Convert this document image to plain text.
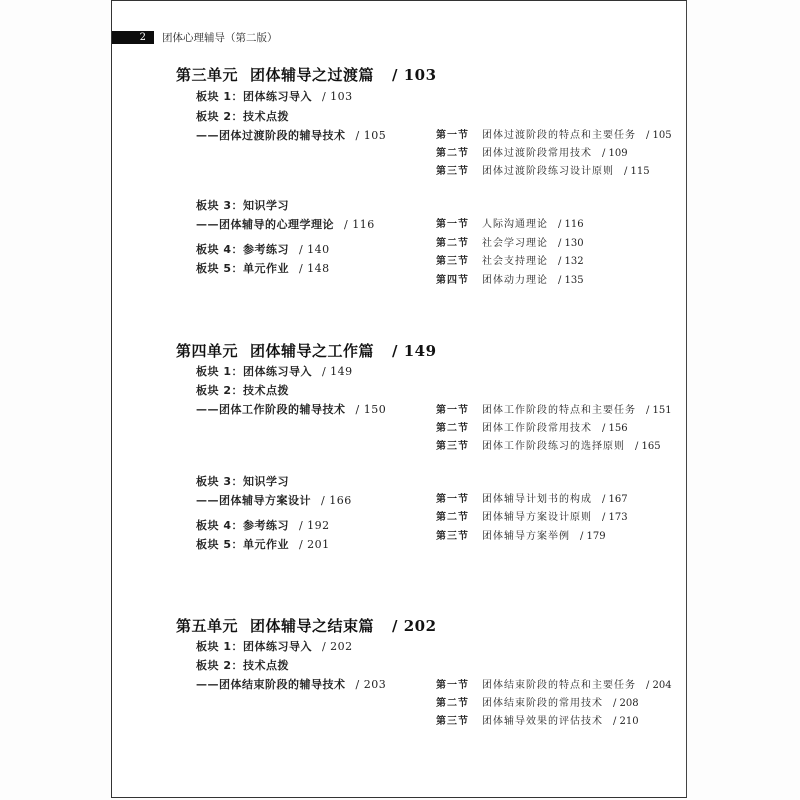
2	团体心理辅导（第二版）
第三单元 团体辅导之过渡篇 / 103
板块 1：团体练习导入 / 103
板块 2：技术点拨
——团体过渡阶段的辅导技术 / 105	第一节 团体过渡阶段的特点和主要任务 / 105
第二节 团体过渡阶段常用技术 / 109
第三节 团体过渡阶段练习设计原则 / 115
板块 3：知识学习
——团体辅导的心理学理论 / 116
板块 4：参考练习 / 140
板块 5：单元作业 / 148
第一节 人际沟通理论 / 116
第二节 社会学习理论 / 130
第三节 社会支持理论 / 132
第四节 团体动力理论 / 135
第四单元 团体辅导之工作篇 / 149
板块 1：团体练习导入 / 149
板块 2：技术点拨
——团体工作阶段的辅导技术 / 150	第一节 团体工作阶段的特点和主要任务 / 151
第二节 团体工作阶段常用技术 / 156
第三节 团体工作阶段练习的选择原则 / 165
板块 3：知识学习
——团体辅导方案设计 / 166
板块 4：参考练习 / 192
板块 5：单元作业 / 201
第一节 团体辅导计划书的构成 / 167
第二节 团体辅导方案设计原则 / 173
第三节 团体辅导方案举例 / 179
第五单元 团体辅导之结束篇 / 202
板块 1：团体练习导入 / 202
板块 2：技术点拨
——团体结束阶段的辅导技术 / 203	第一节 团体结束阶段的特点和主要任务 / 204
第二节 团体结束阶段的常用技术 / 208
第三节 团体辅导效果的评估技术 / 210
